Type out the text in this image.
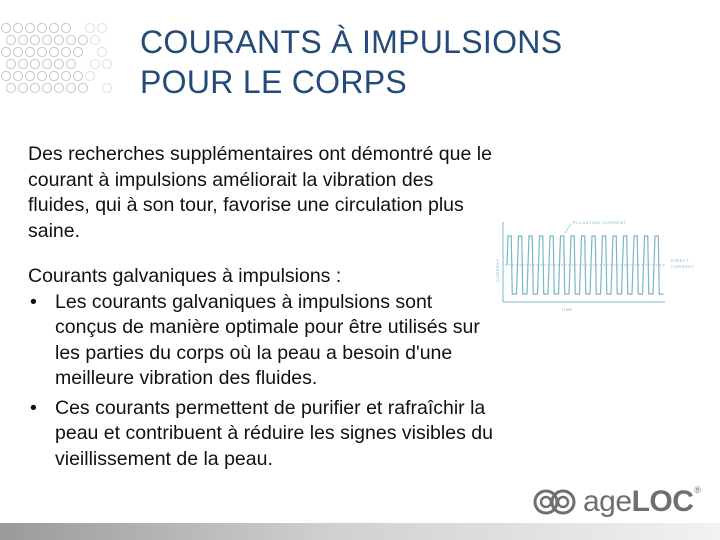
COURANTS À IMPULSIONS
POUR LE CORPS

Des recherches supplémentaires ont démontré que le courant à impulsions améliorait la vibration des fluides, qui à son tour, favorise une circulation plus saine.

Courants galvaniques à impulsions :

• Les courants galvaniques à impulsions sont conçus de manière optimale pour être utilisés sur les parties du corps où la peau a besoin d'une meilleure vibration des fluides.
• Ces courants permettent de purifier et rafraîchir la peau et contribuent à réduire les signes visibles du vieillissement de la peau.
PULSATING CURRENT
DIRECT
CURRENT
CURRENT
TIME
ageLOC®
